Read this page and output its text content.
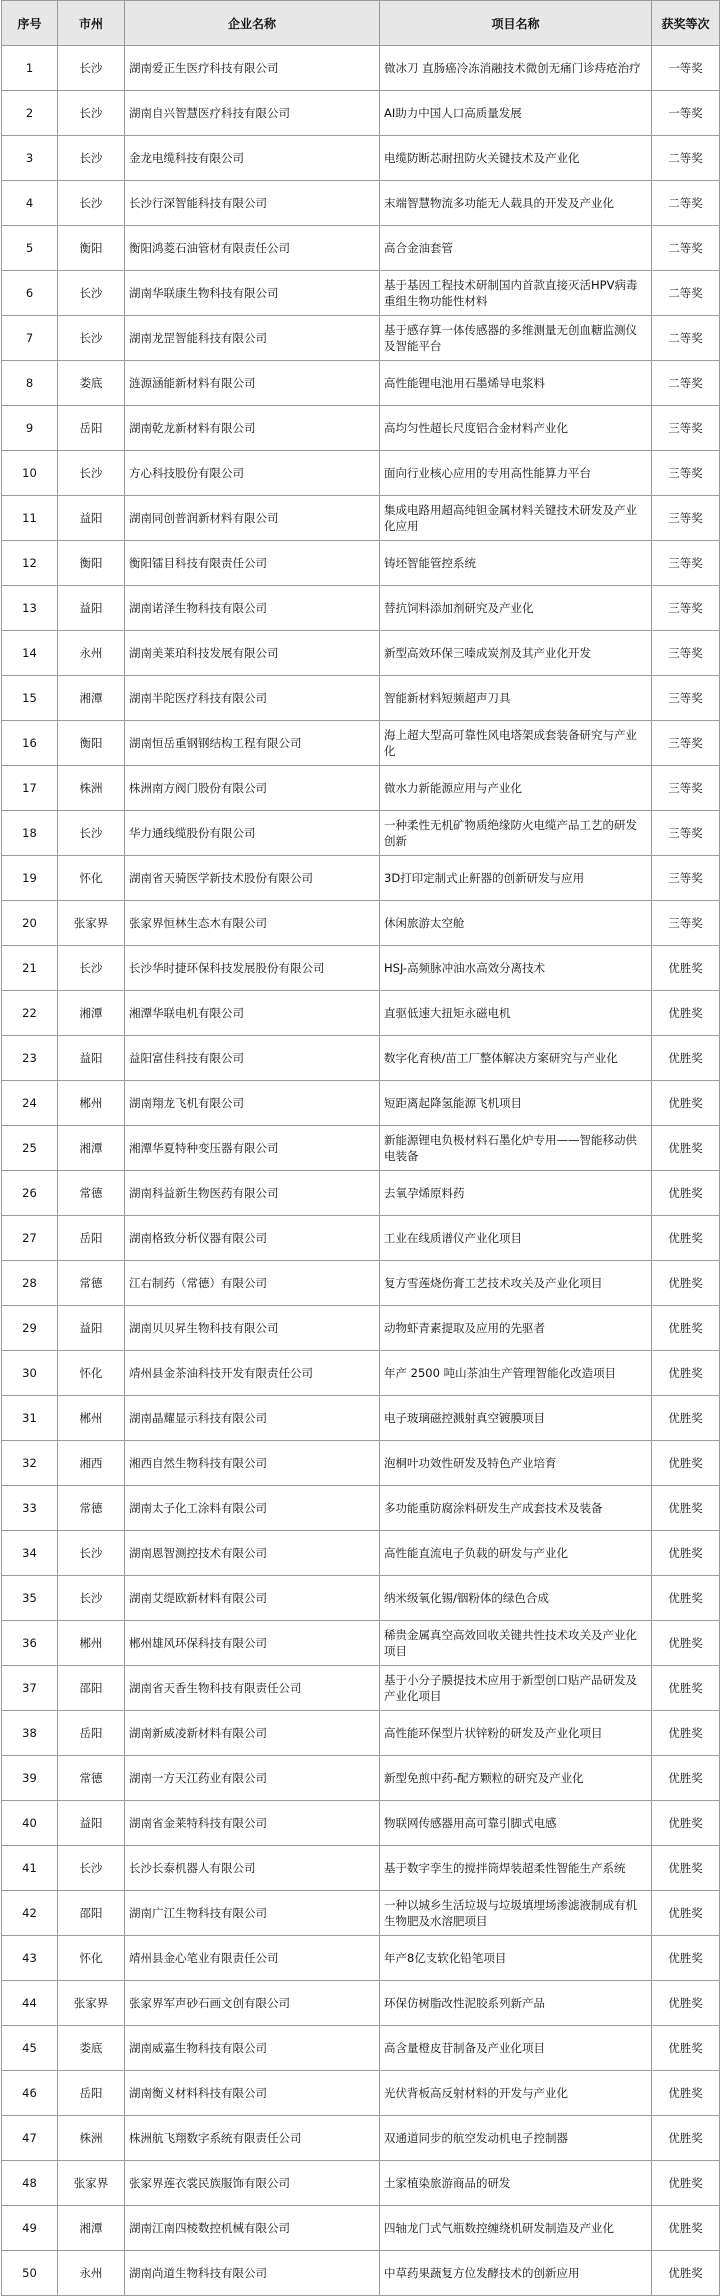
序号	市州	企业名称	项目名称	获奖等次
1	长沙	湖南爱正生医疗科技有限公司	微冰刀 直肠癌冷冻消融技术微创无痛门诊痔疮治疗	一等奖
2	长沙	湖南自兴智慧医疗科技有限公司	AI助力中国人口高质量发展	一等奖
3	长沙	金龙电缆科技有限公司	电缆防断芯耐扭防火关键技术及产业化	二等奖
4	长沙	长沙行深智能科技有限公司	末端智慧物流多功能无人载具的开发及产业化	二等奖
5	衡阳	衡阳鸿菱石油管材有限责任公司	高合金油套管	二等奖
6	长沙	湖南华联康生物科技有限公司	基于基因工程技术研制国内首款直接灭活HPV病毒重组生物功能性材料	二等奖
7	长沙	湖南龙罡智能科技有限公司	基于感存算一体传感器的多维测量无创血糖监测仪及智能平台	二等奖
8	娄底	涟源涵能新材料有限公司	高性能锂电池用石墨烯导电浆料	二等奖
9	岳阳	湖南乾龙新材料有限公司	高均匀性超长尺度铝合金材料产业化	三等奖
10	长沙	方心科技股份有限公司	面向行业核心应用的专用高性能算力平台	三等奖
11	益阳	湖南同创普润新材料有限公司	集成电路用超高纯钽金属材料关键技术研发及产业化应用	三等奖
12	衡阳	衡阳镭目科技有限责任公司	铸坯智能管控系统	三等奖
13	益阳	湖南诺泽生物科技有限公司	替抗饲料添加剂研究及产业化	三等奖
14	永州	湖南美莱珀科技发展有限公司	新型高效环保三嗪成炭剂及其产业化开发	三等奖
15	湘潭	湖南半陀医疗科技有限公司	智能新材料短频超声刀具	三等奖
16	衡阳	湖南恒岳重钢钢结构工程有限公司	海上超大型高可靠性风电塔架成套装备研究与产业化	三等奖
17	株洲	株洲南方阀门股份有限公司	微水力新能源应用与产业化	三等奖
18	长沙	华力通线缆股份有限公司	一种柔性无机矿物质绝缘防火电缆产品工艺的研发创新	三等奖
19	怀化	湖南省天骑医学新技术股份有限公司	3D打印定制式止鼾器的创新研发与应用	三等奖
20	张家界	张家界恒林生态木有限公司	休闲旅游太空舱	三等奖
21	长沙	长沙华时捷环保科技发展股份有限公司	HSJ-高频脉冲油水高效分离技术	优胜奖
22	湘潭	湘潭华联电机有限公司	直驱低速大扭矩永磁电机	优胜奖
23	益阳	益阳富佳科技有限公司	数字化育秧/苗工厂整体解决方案研究与产业化	优胜奖
24	郴州	湖南翔龙飞机有限公司	短距离起降氢能源飞机项目	优胜奖
25	湘潭	湘潭华夏特种变压器有限公司	新能源锂电负极材料石墨化炉专用——智能移动供电装备	优胜奖
26	常德	湖南科益新生物医药有限公司	去氧孕烯原料药	优胜奖
27	岳阳	湖南格致分析仪器有限公司	工业在线质谱仪产业化项目	优胜奖
28	常德	江右制药（常德）有限公司	复方雪莲烧伤膏工艺技术攻关及产业化项目	优胜奖
29	益阳	湖南贝贝昇生物科技有限公司	动物虾青素提取及应用的先驱者	优胜奖
30	怀化	靖州县金茶油科技开发有限责任公司	年产 2500 吨山茶油生产管理智能化改造项目	优胜奖
31	郴州	湖南晶耀显示科技有限公司	电子玻璃磁控溅射真空镀膜项目	优胜奖
32	湘西	湘西自然生物科技有限公司	泡桐叶功效性研发及特色产业培育	优胜奖
33	常德	湖南太子化工涂料有限公司	多功能重防腐涂料研发生产成套技术及装备	优胜奖
34	长沙	湖南恩智测控技术有限公司	高性能直流电子负载的研发与产业化	优胜奖
35	长沙	湖南艾缇欧新材料有限公司	纳米级氧化锡/铟粉体的绿色合成	优胜奖
36	郴州	郴州雄风环保科技有限公司	稀贵金属真空高效回收关键共性技术攻关及产业化项目	优胜奖
37	邵阳	湖南省天香生物科技有限责任公司	基于小分子膜提技术应用于新型创口贴产品研发及产业化项目	优胜奖
38	岳阳	湖南新威凌新材料有限公司	高性能环保型片状锌粉的研发及产业化项目	优胜奖
39	常德	湖南一方天江药业有限公司	新型免煎中药-配方颗粒的研究及产业化	优胜奖
40	益阳	湖南省金莱特科技有限公司	物联网传感器用高可靠引脚式电感	优胜奖
41	长沙	长沙长泰机器人有限公司	基于数字孪生的搅拌筒焊装超柔性智能生产系统	优胜奖
42	邵阳	湖南广江生物科技有限公司	一种以城乡生活垃圾与垃圾填埋场渗滤液制成有机生物肥及水溶肥项目	优胜奖
43	怀化	靖州县金心笔业有限责任公司	年产8亿支软化铅笔项目	优胜奖
44	张家界	张家界军声砂石画文创有限公司	环保仿树脂改性泥胶系列新产品	优胜奖
45	娄底	湖南威嘉生物科技有限公司	高含量橙皮苷制备及产业化项目	优胜奖
46	岳阳	湖南衡义材料科技有限公司	光伏背板高反射材料的开发与产业化	优胜奖
47	株洲	株洲航飞翔数字系统有限责任公司	双通道同步的航空发动机电子控制器	优胜奖
48	张家界	张家界莲衣裳民族服饰有限公司	土家植染旅游商品的研发	优胜奖
49	湘潭	湖南江南四棱数控机械有限公司	四轴龙门式气瓶数控缠绕机研发制造及产业化	优胜奖
50	永州	湖南尚道生物科技有限公司	中草药果蔬复方位发酵技术的创新应用	优胜奖
